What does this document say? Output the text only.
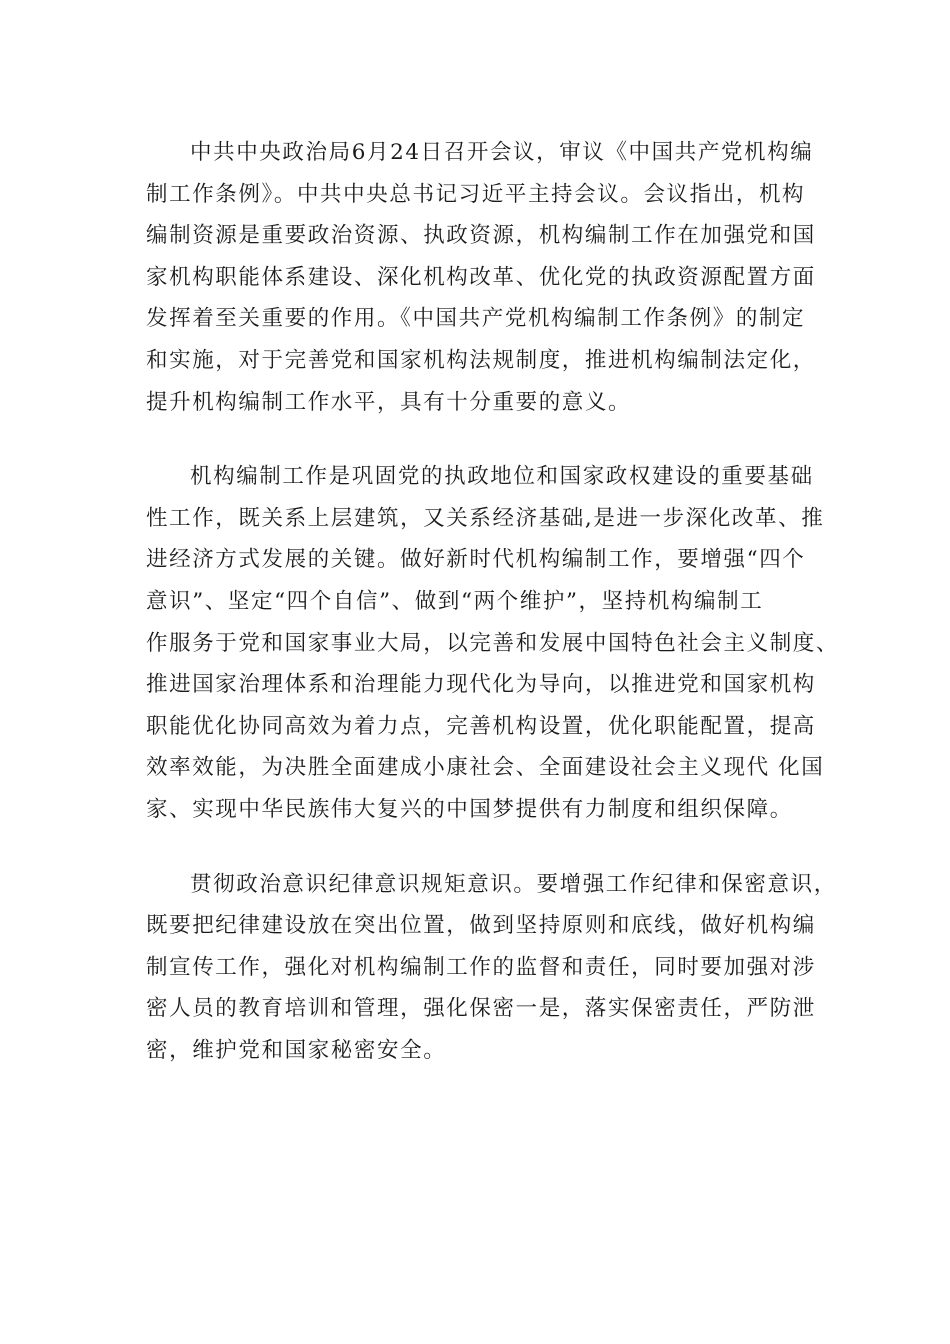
中共中央政治局6月24日召开会议，审议《中国共产党机构编
制工作条例》。中共中央总书记习近平主持会议。会议指出，机构
编制资源是重要政治资源、执政资源，机构编制工作在加强党和国
家机构职能体系建设、深化机构改革、优化党的执政资源配置方面
发挥着至关重要的作用。《中国共产党机构编制工作条例》的制定
和实施，对于完善党和国家机构法规制度，推进机构编制法定化，
提升机构编制工作水平，具有十分重要的意义。
机构编制工作是巩固党的执政地位和国家政权建设的重要基础
性工作，既关系上层建筑，又关系经济基础,是进一步深化改革、推
进经济方式发展的关键。做好新时代机构编制工作，要增强“四个
意识”、坚定“四个自信”、做到“两个维护”，坚持机构编制工
作服务于党和国家事业大局，以完善和发展中国特色社会主义制度、
推进国家治理体系和治理能力现代化为导向，以推进党和国家机构
职能优化协同高效为着力点，完善机构设置，优化职能配置，提高
效率效能，为决胜全面建成小康社会、全面建设社会主义现代 化国
家、实现中华民族伟大复兴的中国梦提供有力制度和组织保障。
贯彻政治意识纪律意识规矩意识。要增强工作纪律和保密意识，
既要把纪律建设放在突出位置，做到坚持原则和底线，做好机构编
制宣传工作，强化对机构编制工作的监督和责任，同时要加强对涉
密人员的教育培训和管理，强化保密一是，落实保密责任，严防泄
密，维护党和国家秘密安全。
